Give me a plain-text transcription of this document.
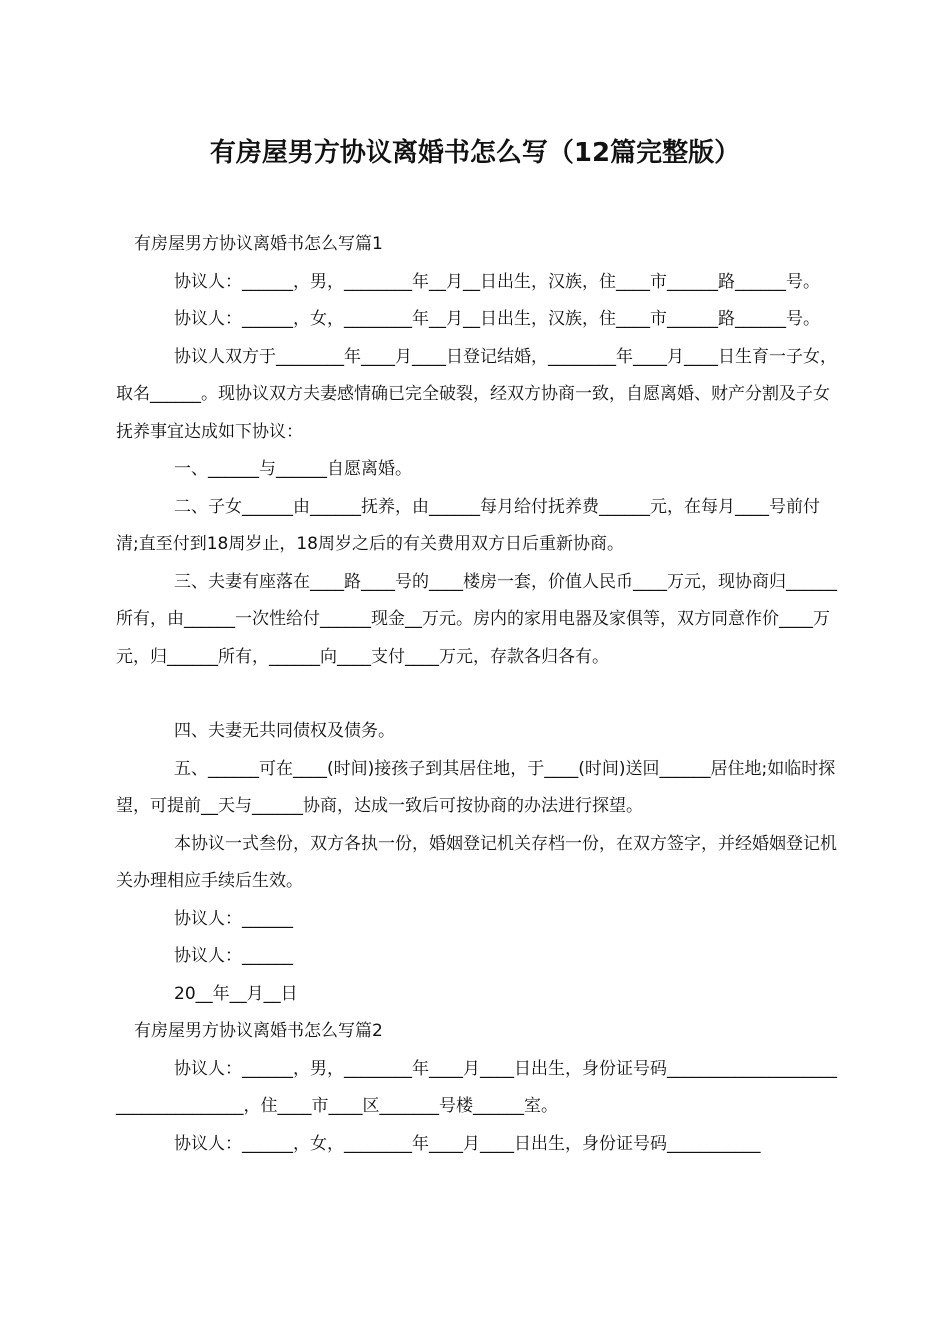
有房屋男方协议离婚书怎么写（12篇完整版）

有房屋男方协议离婚书怎么写篇1

协议人：______，男，________年__月__日出生，汉族，住____市______路______号。

协议人：______，女，________年__月__日出生，汉族，住____市______路______号。

协议人双方于________年____月____日登记结婚，________年____月____日生育一子女，取名______。现协议双方夫妻感情确已完全破裂，经双方协商一致，自愿离婚、财产分割及子女抚养事宜达成如下协议：

一、______与______自愿离婚。

二、子女______由______抚养，由______每月给付抚养费______元，在每月____号前付清;直至付到18周岁止，18周岁之后的有关费用双方日后重新协商。

三、夫妻有座落在____路____号的____楼房一套，价值人民币____万元，现协商归______所有，由______一次性给付______现金__万元。房内的家用电器及家俱等，双方同意作价____万元，归______所有，______向____支付____万元，存款各归各有。

四、夫妻无共同债权及债务。

五、______可在____(时间)接孩子到其居住地，于____(时间)送回______居住地;如临时探望，可提前__天与______协商，达成一致后可按协商的办法进行探望。

本协议一式叁份，双方各执一份，婚姻登记机关存档一份，在双方签字，并经婚姻登记机关办理相应手续后生效。

协议人：______

协议人：______

20__年__月__日

有房屋男方协议离婚书怎么写篇2

协议人：______，男，________年____月____日出生，身份证号码___________________________________，住____市____区_______号楼______室。

协议人：______，女，________年____月____日出生，身份证号码___________
